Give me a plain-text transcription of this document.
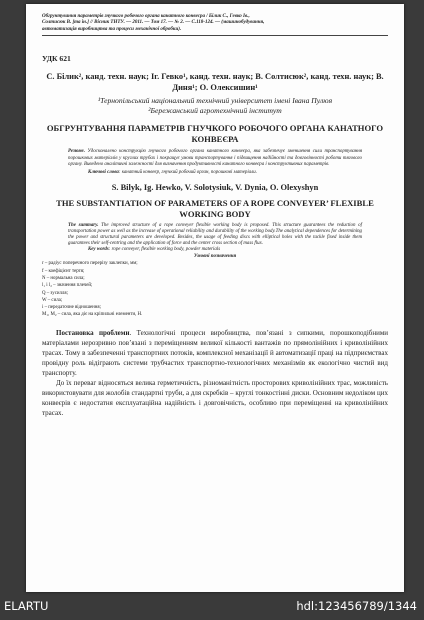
Обгрунтування параметрів гнучкого робочого органа канатного конвесра / Білик С., Гевко Ів.,
Солтисюк В. [та ін.] // Вісник ТНТУ. — 2011. — Том 17. — № 2. — С.118-124. — (машинобудування,
автоматизація виробництва та процеси механічної обробки).
УДК 621
С. Білик², канд. техн. наук; Іг. Гевко¹, канд. техн. наук; В. Солтисюк², канд. техн. наук; В. Диня¹; О. Олексишин¹
¹Тернопільський національний технічний університет імені Івана Пулюя
²Бережанський агротехнічний інститут
ОБГРУНТУВАННЯ ПАРАМЕТРІВ ГНУЧКОГО РОБОЧОГО ОРГАНА КАНАТНОГО КОНВЕЄРА
Резюме. Удосконалено конструкцію гнучкого робочого органа канатного конвеєра, яка забезпечує зменшення сили транспортування порошкових матеріалів у круглих трубах і покращує умови транспортування і підвищення надійності та довговічності роботи тягового органу. Виведено аналітичні залежності для визначення продуктивності канатного конвеєра і конструктивних параметрів.
Ключові слова: канатний конвеєр, гнучкий робочий орган, порошкові матеріали.
S. Bilyk, Ig. Hewko, V. Solotysiuk, V. Dynia, O. Olexyshyn
THE SUBSTANTIATION OF PARAMETERS OF A ROPE CONVEYER’ FLEXIBLE WORKING BODY
The summary. The improved structure of a rope conveyer flexible working body is proposed. This structure guarantees the reduction of transportation power as well as the increase of operational reliability and durability of the working body.The analytical dependences for determining the power and structural parameters are developed. Besides, the usage of feeding discs with elliptical holes with the tackle fixed inside them guarantees their self-centring and the application of force and the center cross section of mass flux.
Key words: rope conveyer, flexible working body, powder materials
Умовні позначення
r – радіус поперечного перерізу заклепки, мм;
f – коефіцієнт тертя;
N – нормальна сила;
l₁ і l₂ – значення плечей;
Q – зусилля;
W – сила;
i – передаточне відношення;
M₁, M₂ – сила, яка діє на кріпильні елементи, Н.

Постановка проблеми. Технологічні процеси виробництва, пов’язані з сипкими, порошкоподібними матеріалами нерозривно пов’язані з переміщенням великої кількості вантажів по прямолінійних і криволінійних трасах. Тому в забезпеченні транспортних потоків, комплексної механізації й автоматизації праці на підприємствах провідну роль відіграють системи трубчастих транспортно-технологічних механізмів як екологічно чистий вид транспорту.

До їх переваг відносяться велика герметичність, різноманітність просторових криволінійних трас, можливість використовувати для жолобів стандартні труби, а для скребків – круглі тонкостінні диски. Основним недоліком цих конвеєрів є недостатня експлуатаційна надійність і довговічність, особливо при переміщенні на криволінійних трасах.

ELARTU	hdl:123456789/1344
